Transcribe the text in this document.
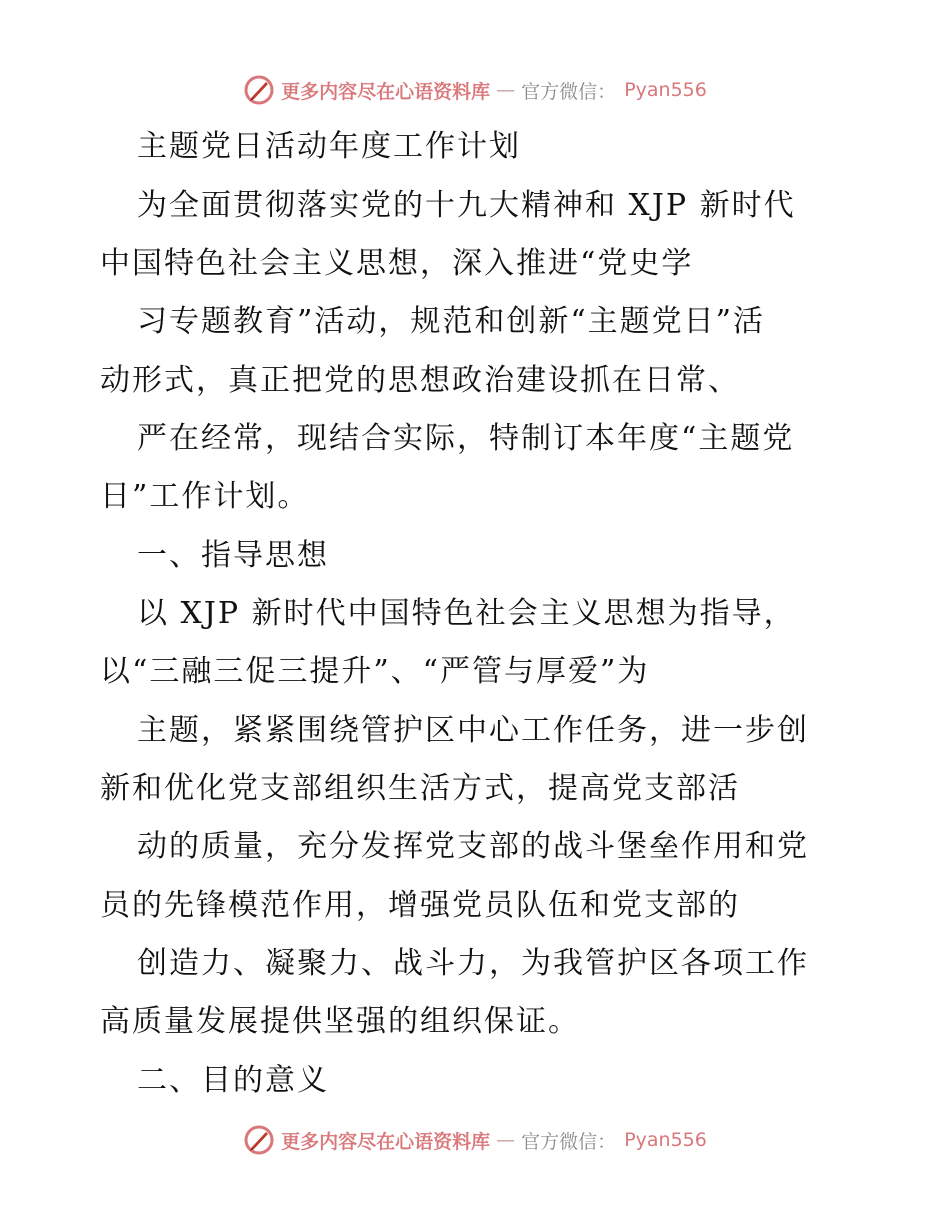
更多内容尽在心语资料库 — 官方微信： Pyan556
主题党日活动年度工作计划
为全面贯彻落实党的十九大精神和 XJP 新时代
中国特色社会主义思想，深入推进“党史学
习专题教育”活动，规范和创新“主题党日”活
动形式，真正把党的思想政治建设抓在日常、
严在经常，现结合实际，特制订本年度“主题党
日”工作计划。
一、指导思想
以 XJP 新时代中国特色社会主义思想为指导，
以“三融三促三提升”、“严管与厚爱”为
主题，紧紧围绕管护区中心工作任务，进一步创
新和优化党支部组织生活方式，提高党支部活
动的质量，充分发挥党支部的战斗堡垒作用和党
员的先锋模范作用，增强党员队伍和党支部的
创造力、凝聚力、战斗力，为我管护区各项工作
高质量发展提供坚强的组织保证。
二、目的意义
更多内容尽在心语资料库 — 官方微信： Pyan556
